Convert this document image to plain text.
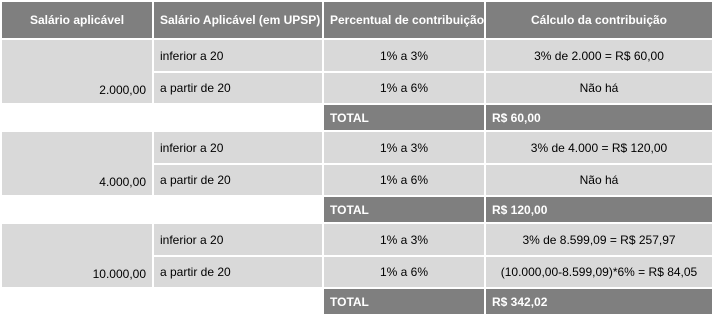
Salário aplicável	Salário Aplicável (em UPSP)	Percentual de contribuição	Cálculo da contribuição
2.000,00	inferior a 20	1% a 3%	3% de 2.000 = R$ 60,00
	a partir de 20	1% a 6%	Não há
		TOTAL	R$ 60,00
4.000,00	inferior a 20	1% a 3%	3% de 4.000 = R$ 120,00
	a partir de 20	1% a 6%	Não há
		TOTAL	R$ 120,00
10.000,00	inferior a 20	1% a 3%	3% de 8.599,09 = R$ 257,97
	a partir de 20	1% a 6%	(10.000,00-8.599,09)*6% = R$ 84,05
		TOTAL	R$ 342,02
